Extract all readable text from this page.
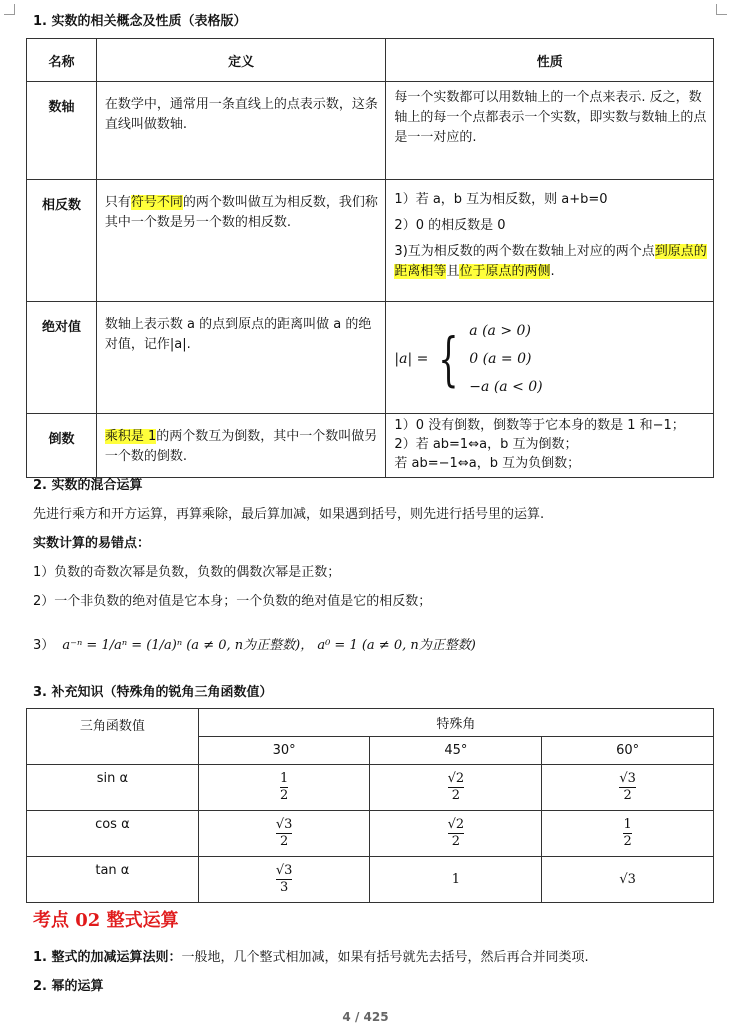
1. 实数的相关概念及性质（表格版）
名称	定义	性质
数轴	在数学中，通常用一条直线上的点表示数，这条直线叫做数轴.	每一个实数都可以用数轴上的一个点来表示. 反之，数轴上的每一个点都表示一个实数，即实数与数轴上的点是一一对应的.
相反数	只有符号不同的两个数叫做互为相反数，我们称其中一个数是另一个数的相反数.	1）若 a，b 互为相反数，则 a+b=0
2）0 的相反数是 0
3)互为相反数的两个数在数轴上对应的两个点到原点的距离相等且位于原点的两侧.

绝对值	数轴上表示数 a 的点到原点的距离叫做 a 的绝对值，记作|a|.	|a| = { a (a > 0)
0 (a = 0)
−a (a < 0)

倒数	乘积是 1的两个数互为倒数，其中一个数叫做另一个数的倒数.	1）0 没有倒数，倒数等于它本身的数是 1 和−1；
2）若 ab=1⇔a，b 互为倒数；
若 ab=−1⇔a，b 互为负倒数；
2. 实数的混合运算
先进行乘方和开方运算，再算乘除，最后算加减，如果遇到括号，则先进行括号里的运算.
实数计算的易错点：
1）负数的奇数次幂是负数，负数的偶数次幂是正数；
2）一个非负数的绝对值是它本身；一个负数的绝对值是它的相反数；
3） a⁻ⁿ = 1/aⁿ = (1/a)ⁿ (a ≠ 0, n为正整数)， a⁰ = 1 (a ≠ 0, n为正整数)
3. 补充知识（特殊角的锐角三角函数值）
三角函数值	特殊角		
	30°	45°	60°
sin α	$\frac{1}{2}$	$\frac{√2}{2}$	$\frac{√3}{2}$

cos α	$\frac{√3}{2}$	$\frac{√2}{2}$	$\frac{1}{2}$

tan α	$\frac{√3}{3}$	1	√3
考点 02 整式运算
1. 整式的加减运算法则：一般地，几个整式相加减，如果有括号就先去括号，然后再合并同类项.
2. 幂的运算
4 / 425
